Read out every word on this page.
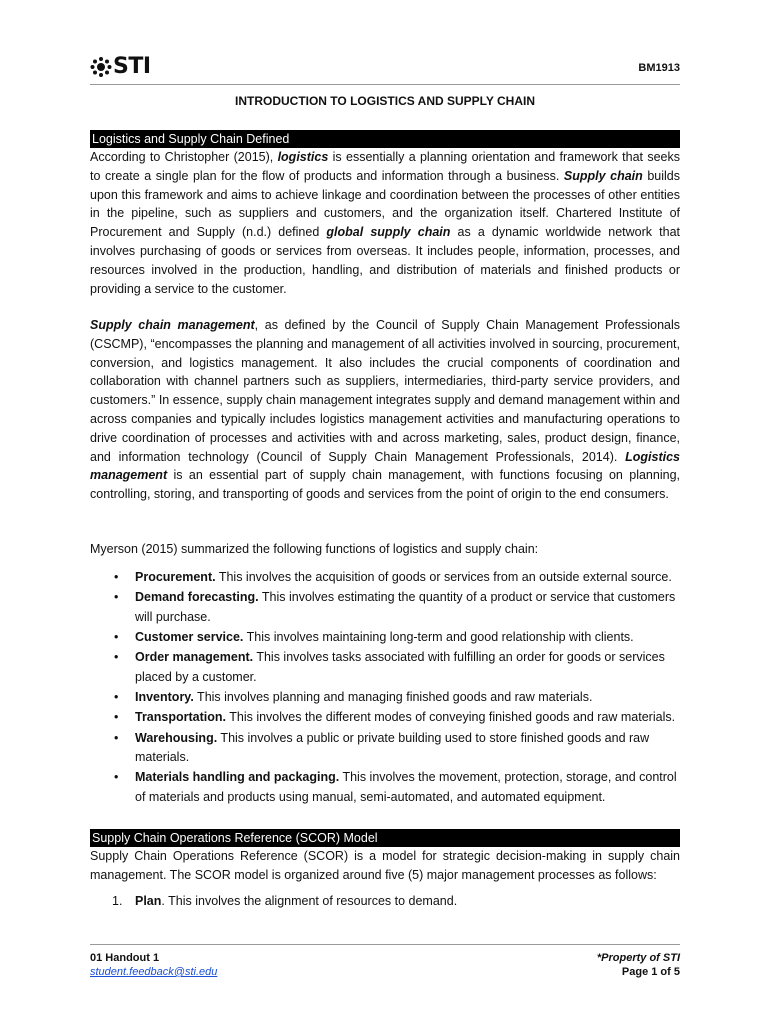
STI	BM1913
INTRODUCTION TO LOGISTICS AND SUPPLY CHAIN
Logistics and Supply Chain Defined

According to Christopher (2015), logistics is essentially a planning orientation and framework that seeks to create a single plan for the flow of products and information through a business. Supply chain builds upon this framework and aims to achieve linkage and coordination between the processes of other entities in the pipeline, such as suppliers and customers, and the organization itself. Chartered Institute of Procurement and Supply (n.d.) defined global supply chain as a dynamic worldwide network that involves purchasing of goods or services from overseas. It includes people, information, processes, and resources involved in the production, handling, and distribution of materials and finished products or providing a service to the customer.

Supply chain management, as defined by the Council of Supply Chain Management Professionals (CSCMP), “encompasses the planning and management of all activities involved in sourcing, procurement, conversion, and logistics management. It also includes the crucial components of coordination and collaboration with channel partners such as suppliers, intermediaries, third-party service providers, and customers.” In essence, supply chain management integrates supply and demand management within and across companies and typically includes logistics management activities and manufacturing operations to drive coordination of processes and activities with and across marketing, sales, product design, finance, and information technology (Council of Supply Chain Management Professionals, 2014). Logistics management is an essential part of supply chain management, with functions focusing on planning, controlling, storing, and transporting of goods and services from the point of origin to the end consumers.

Myerson (2015) summarized the following functions of logistics and supply chain:

• Procurement. This involves the acquisition of goods or services from an outside external source.
• Demand forecasting. This involves estimating the quantity of a product or service that customers will purchase.
• Customer service. This involves maintaining long-term and good relationship with clients.
• Order management. This involves tasks associated with fulfilling an order for goods or services placed by a customer.
• Inventory. This involves planning and managing finished goods and raw materials.
• Transportation. This involves the different modes of conveying finished goods and raw materials.
• Warehousing. This involves a public or private building used to store finished goods and raw materials.
• Materials handling and packaging. This involves the movement, protection, storage, and control of materials and products using manual, semi-automated, and automated equipment.
Supply Chain Operations Reference (SCOR) Model

Supply Chain Operations Reference (SCOR) is a model for strategic decision-making in supply chain management. The SCOR model is organized around five (5) major management processes as follows:

1. Plan. This involves the alignment of resources to demand.
01 Handout 1
student.feedback@sti.edu
*Property of STI
Page 1 of 5
